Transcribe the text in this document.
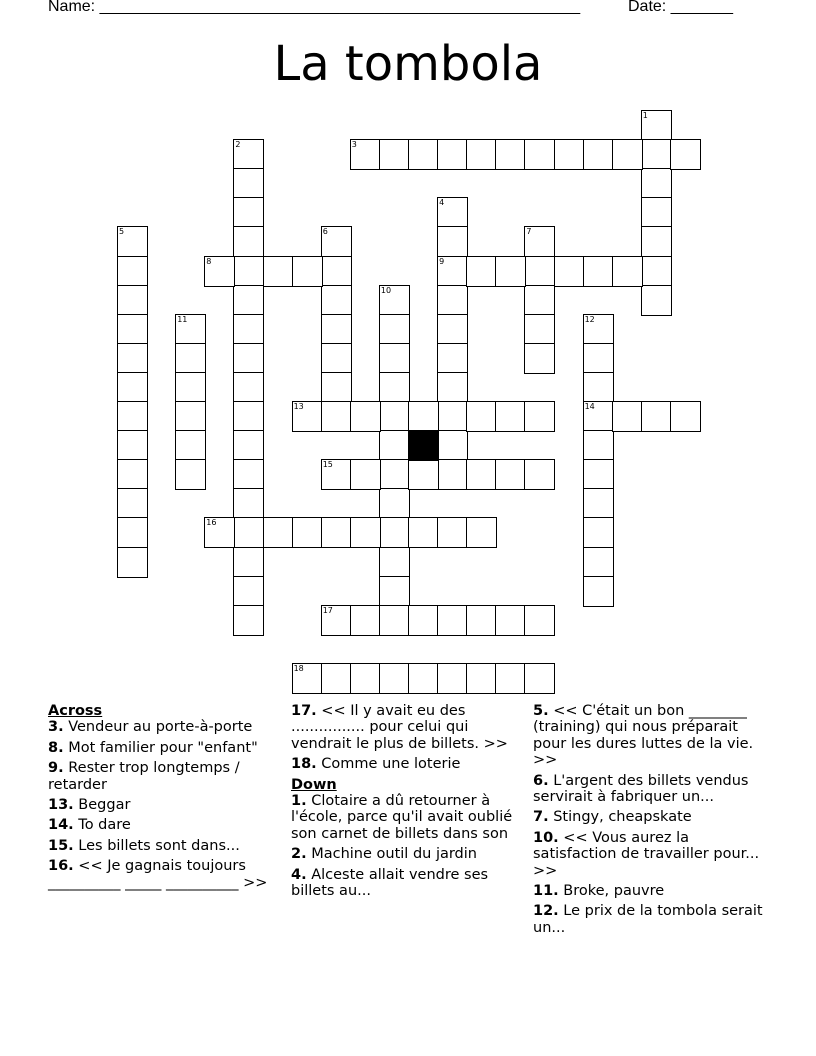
Name: ______________________________________________________	Date: _______
La tombola
1
2	3
4
9
5	6	7
8
10
11	12
14
13
15
16
17
18
Across
3. Vendeur au porte-à-porte
8. Mot familier pour "enfant"
9. Rester trop longtemps / retarder
13. Beggar
14. To dare
15. Les billets sont dans...
16. << Je gagnais toujours __________ _____ __________ >>
17. << Il y avait eu des ................ pour celui qui vendrait le plus de billets. >>
18. Comme une loterie
Down
1. Clotaire a dû retourner à l'école, parce qu'il avait oublié son carnet de billets dans son
2. Machine outil du jardin
4. Alceste allait vendre ses billets au...
5. << C'était un bon ________ (training) qui nous préparait pour les dures luttes de la vie. >>
6. L'argent des billets vendus servirait à fabriquer un...
7. Stingy, cheapskate
10. << Vous aurez la satisfaction de travailler pour... >>
11. Broke, pauvre
12. Le prix de la tombola serait un...
